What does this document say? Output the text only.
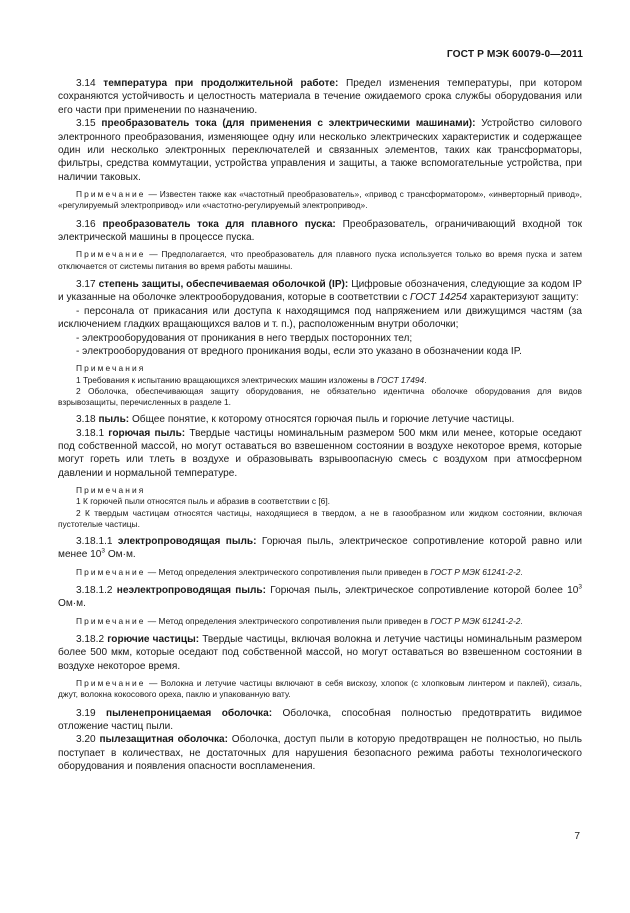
ГОСТ Р МЭК 60079-0—2011

3.14 температура при продолжительной работе: Предел изменения температуры, при котором сохраняются устойчивость и целостность материала в течение ожидаемого срока службы оборудования или его части при применении по назначению.

3.15 преобразователь тока (для применения с электрическими машинами): Устройство силового электронного преобразования, изменяющее одну или несколько электрических характеристик и содержащее один или несколько электронных переключателей и связанных элементов, таких как трансформаторы, фильтры, средства коммутации, устройства управления и защиты, а также вспомогательные устройства, при наличии таковых.

Примечание — Известен также как «частотный преобразователь», «привод с трансформатором», «инверторный привод», «регулируемый электропривод» или «частотно-регулируемый электропривод».

3.16 преобразователь тока для плавного пуска: Преобразователь, ограничивающий входной ток электрической машины в процессе пуска.

Примечание — Предполагается, что преобразователь для плавного пуска используется только во время пуска и затем отключается от системы питания во время работы машины.

3.17 степень защиты, обеспечиваемая оболочкой (IP): Цифровые обозначения, следующие за кодом IP и указанные на оболочке электрооборудования, которые в соответствии с ГОСТ 14254 характеризуют защиту:

- персонала от прикасания или доступа к находящимся под напряжением или движущимся частям (за исключением гладких вращающихся валов и т. п.), расположенным внутри оболочки;

- электрооборудования от проникания в него твердых посторонних тел;

- электрооборудования от вредного проникания воды, если это указано в обозначении кода IP.

Примечания

1 Требования к испытанию вращающихся электрических машин изложены в ГОСТ 17494.

2 Оболочка, обеспечивающая защиту оборудования, не обязательно идентична оболочке оборудования для видов взрывозащиты, перечисленных в разделе 1.

3.18 пыль: Общее понятие, к которому относятся горючая пыль и горючие летучие частицы.

3.18.1 горючая пыль: Твердые частицы номинальным размером 500 мкм или менее, которые оседают под собственной массой, но могут оставаться во взвешенном состоянии в воздухе некоторое время, которые могут гореть или тлеть в воздухе и образовывать взрывоопасную смесь с воздухом при атмосферном давлении и нормальной температуре.

Примечания

1 К горючей пыли относятся пыль и абразив в соответствии с [6].

2 К твердым частицам относятся частицы, находящиеся в твердом, а не в газообразном или жидком состоянии, включая пустотелые частицы.

3.18.1.1 электропроводящая пыль: Горючая пыль, электрическое сопротивление которой равно или менее $10^3$ Ом·м.

Примечание — Метод определения электрического сопротивления пыли приведен в ГОСТ Р МЭК 61241-2-2.

3.18.1.2 неэлектропроводящая пыль: Горючая пыль, электрическое сопротивление которой более $10^3$ Ом·м.

Примечание — Метод определения электрического сопротивления пыли приведен в ГОСТ Р МЭК 61241-2-2.

3.18.2 горючие частицы: Твердые частицы, включая волокна и летучие частицы номинальным размером более 500 мкм, которые оседают под собственной массой, но могут оставаться во взвешенном состоянии в воздухе некоторое время.

Примечание — Волокна и летучие частицы включают в себя вискозу, хлопок (с хлопковым линтером и паклей), сизаль, джут, волокна кокосового ореха, паклю и упакованную вату.

3.19 пыленепроницаемая оболочка: Оболочка, способная полностью предотвратить видимое отложение частиц пыли.

3.20 пылезащитная оболочка: Оболочка, доступ пыли в которую предотвращен не полностью, но пыль поступает в количествах, не достаточных для нарушения безопасного режима работы технологического оборудования и появления опасности воспламенения.

7
